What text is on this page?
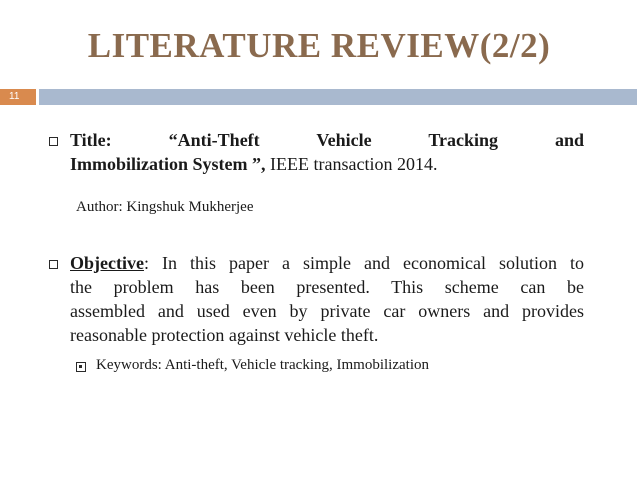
LITERATURE REVIEW(2/2)
11
Title:	“Anti-Theft Vehicle Tracking and
Immobilization System ”, IEEE transaction 2014.
Author: Kingshuk Mukherjee
Objective: In this paper a simple and economical solution to
the problem has been presented. This scheme can be
assembled and used even by private car owners and provides
reasonable protection against vehicle theft.
Keywords: Anti-theft, Vehicle tracking, Immobilization
